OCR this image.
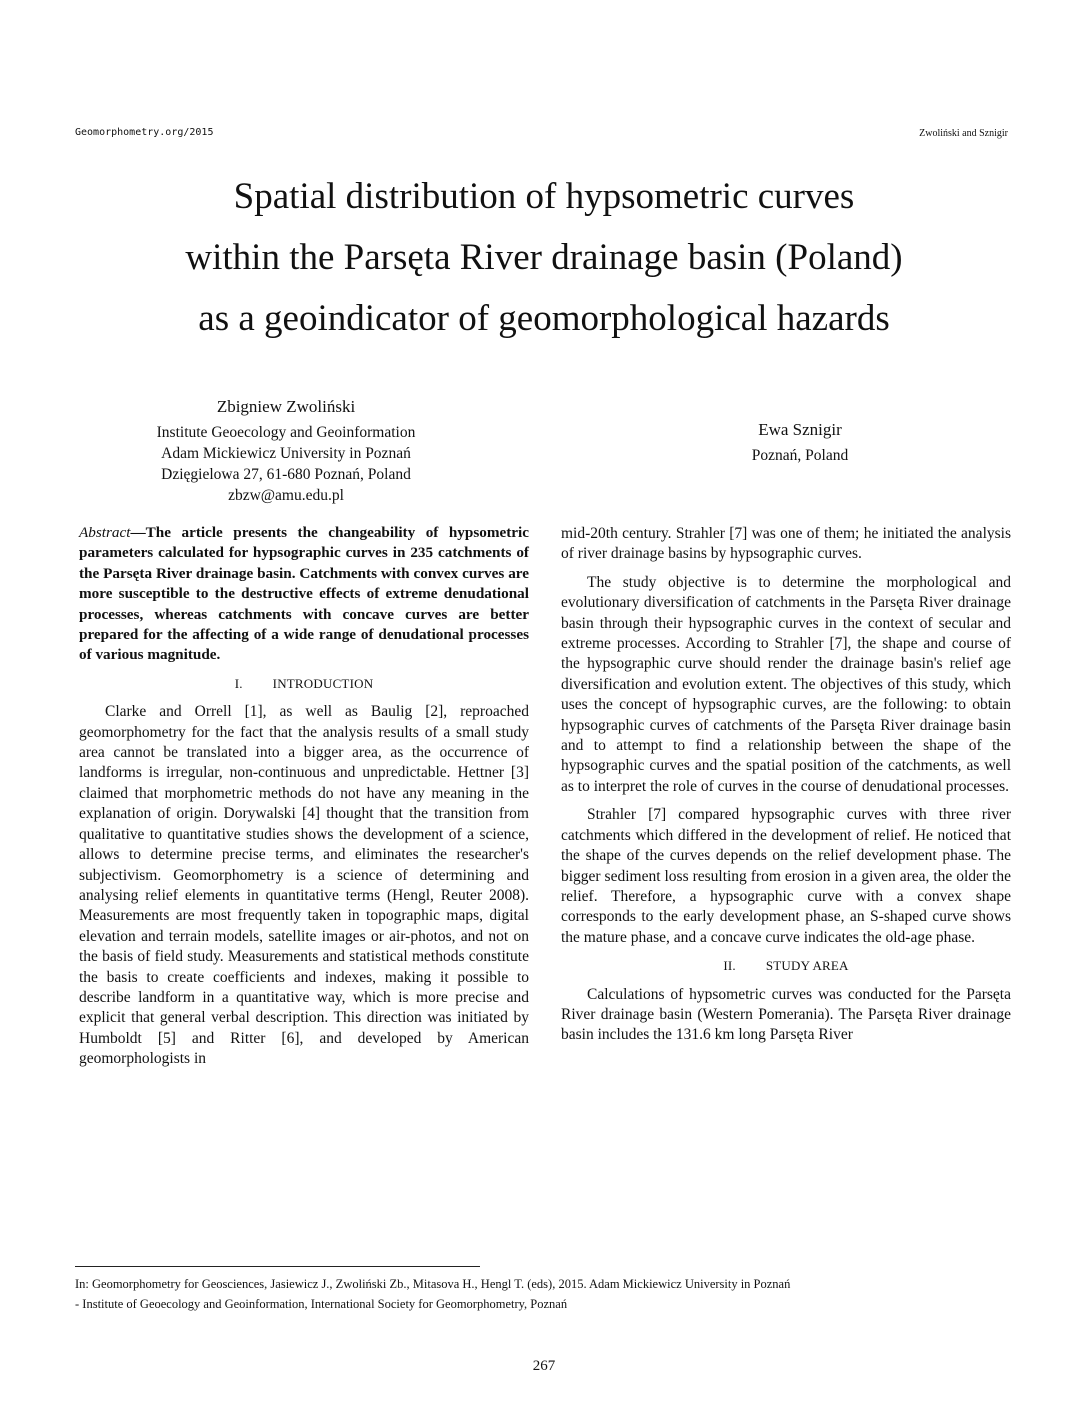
Geomorphometry.org/2015	Zwoliński and Sznigir
Spatial distribution of hypsometric curves
within the Parsęta River drainage basin (Poland)
as a geoindicator of geomorphological hazards
Zbigniew Zwoliński
Institute Geoecology and Geoinformation
Adam Mickiewicz University in Poznań
Dzięgielowa 27, 61-680 Poznań, Poland
zbzw@amu.edu.pl
Ewa Sznigir
Poznań, Poland

Abstract—The article presents the changeability of hypsometric parameters calculated for hypsographic curves in 235 catchments of the Parsęta River drainage basin. Catchments with convex curves are more susceptible to the destructive effects of extreme denudational processes, whereas catchments with concave curves are better prepared for the affecting of a wide range of denudational processes of various magnitude.

I. INTRODUCTION

Clarke and Orrell [1], as well as Baulig [2], reproached geomorphometry for the fact that the analysis results of a small study area cannot be translated into a bigger area, as the occurrence of landforms is irregular, non-continuous and unpredictable. Hettner [3] claimed that morphometric methods do not have any meaning in the explanation of origin. Dorywalski [4] thought that the transition from qualitative to quantitative studies shows the development of a science, allows to determine precise terms, and eliminates the researcher's subjectivism. Geomorphometry is a science of determining and analysing relief elements in quantitative terms (Hengl, Reuter 2008). Measurements are most frequently taken in topographic maps, digital elevation and terrain models, satellite images or air-photos, and not on the basis of field study. Measurements and statistical methods constitute the basis to create coefficients and indexes, making it possible to describe landform in a quantitative way, which is more precise and explicit that general verbal description. This direction was initiated by Humboldt [5] and Ritter [6], and developed by American geomorphologists in

mid-20th century. Strahler [7] was one of them; he initiated the analysis of river drainage basins by hypsographic curves.

The study objective is to determine the morphological and evolutionary diversification of catchments in the Parsęta River drainage basin through their hypsographic curves in the context of secular and extreme processes. According to Strahler [7], the shape and course of the hypsographic curve should render the drainage basin's relief age diversification and evolution extent. The objectives of this study, which uses the concept of hypsographic curves, are the following: to obtain hypsographic curves of catchments of the Parsęta River drainage basin and to attempt to find a relationship between the shape of the hypsographic curves and the spatial position of the catchments, as well as to interpret the role of curves in the course of denudational processes.

Strahler [7] compared hypsographic curves with three river catchments which differed in the development of relief. He noticed that the shape of the curves depends on the relief development phase. The bigger sediment loss resulting from erosion in a given area, the older the relief. Therefore, a hypsographic curve with a convex shape corresponds to the early development phase, an S-shaped curve shows the mature phase, and a concave curve indicates the old-age phase.

II. STUDY AREA

Calculations of hypsometric curves was conducted for the Parsęta River drainage basin (Western Pomerania). The Parsęta River drainage basin includes the 131.6 km long Parsęta River

In: Geomorphometry for Geosciences, Jasiewicz J., Zwoliński Zb., Mitasova H., Hengl T. (eds), 2015. Adam Mickiewicz University in Poznań
- Institute of Geoecology and Geoinformation, International Society for Geomorphometry, Poznań
267
